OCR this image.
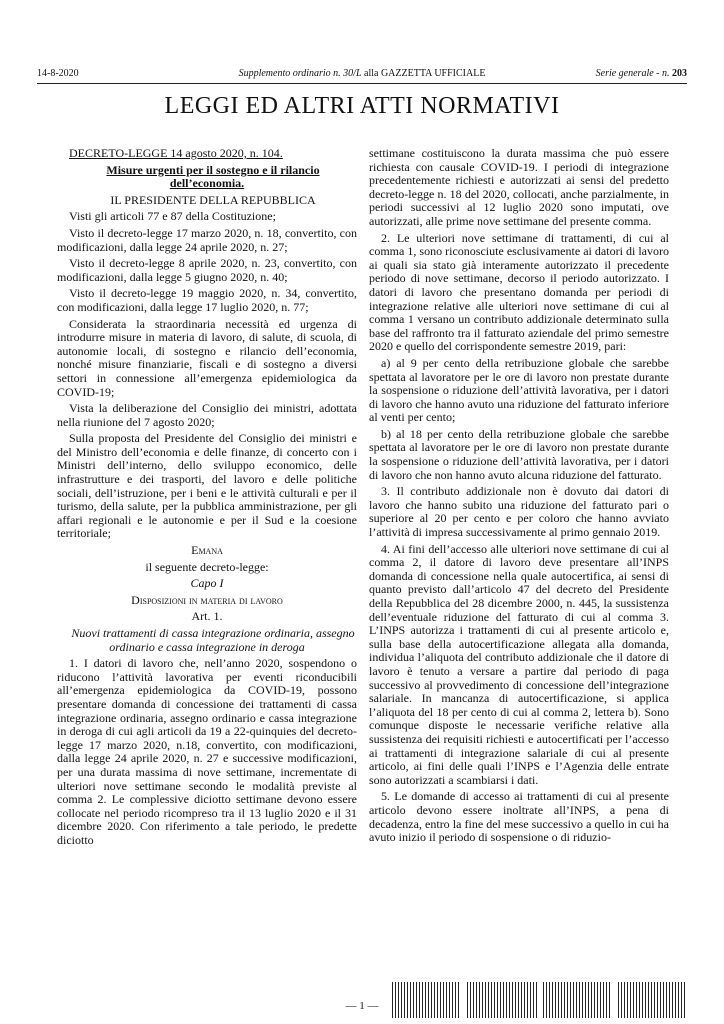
14-8-2020	Supplemento ordinario n. 30/L alla GAZZETTA UFFICIALE	Serie generale - n. 203
LEGGI ED ALTRI ATTI NORMATIVI

DECRETO-LEGGE 14 agosto 2020, n. 104.

Misure urgenti per il sostegno e il rilancio dell’economia.

IL PRESIDENTE DELLA REPUBBLICA

Visti gli articoli 77 e 87 della Costituzione;

Visto il decreto-legge 17 marzo 2020, n. 18, convertito, con modificazioni, dalla legge 24 aprile 2020, n. 27;

Visto il decreto-legge 8 aprile 2020, n. 23, convertito, con modificazioni, dalla legge 5 giugno 2020, n. 40;

Visto il decreto-legge 19 maggio 2020, n. 34, convertito, con modificazioni, dalla legge 17 luglio 2020, n. 77;

Considerata la straordinaria necessità ed urgenza di introdurre misure in materia di lavoro, di salute, di scuola, di autonomie locali, di sostegno e rilancio dell’economia, nonché misure finanziarie, fiscali e di sostegno a diversi settori in connessione all’emergenza epidemiologica da COVID-19;

Vista la deliberazione del Consiglio dei ministri, adottata nella riunione del 7 agosto 2020;

Sulla proposta del Presidente del Consiglio dei ministri e del Ministro dell’economia e delle finanze, di concerto con i Ministri dell’interno, dello sviluppo economico, delle infrastrutture e dei trasporti, del lavoro e delle politiche sociali, dell’istruzione, per i beni e le attività culturali e per il turismo, della salute, per la pubblica amministrazione, per gli affari regionali e le autonomie e per il Sud e la coesione territoriale;

Emana

il seguente decreto-legge:

Capo I

Disposizioni in materia di lavoro

Art. 1.

Nuovi trattamenti di cassa integrazione ordinaria, assegno ordinario e cassa integrazione in deroga

1. I datori di lavoro che, nell’anno 2020, sospendono o riducono l’attività lavorativa per eventi riconducibili all’emergenza epidemiologica da COVID-19, possono presentare domanda di concessione dei trattamenti di cassa integrazione ordinaria, assegno ordinario e cassa integrazione in deroga di cui agli articoli da 19 a 22-quinquies del decreto-legge 17 marzo 2020, n.18, convertito, con modificazioni, dalla legge 24 aprile 2020, n. 27 e successive modificazioni, per una durata massima di nove settimane, incrementate di ulteriori nove settimane secondo le modalità previste al comma 2. Le complessive diciotto settimane devono essere collocate nel periodo ricompreso tra il 13 luglio 2020 e il 31 dicembre 2020. Con riferimento a tale periodo, le predette diciotto

settimane costituiscono la durata massima che può essere richiesta con causale COVID-19. I periodi di integrazione precedentemente richiesti e autorizzati ai sensi del predetto decreto-legge n. 18 del 2020, collocati, anche parzialmente, in periodi successivi al 12 luglio 2020 sono imputati, ove autorizzati, alle prime nove settimane del presente comma.

2. Le ulteriori nove settimane di trattamenti, di cui al comma 1, sono riconosciute esclusivamente ai datori di lavoro ai quali sia stato già interamente autorizzato il precedente periodo di nove settimane, decorso il periodo autorizzato. I datori di lavoro che presentano domanda per periodi di integrazione relative alle ulteriori nove settimane di cui al comma 1 versano un contributo addizionale determinato sulla base del raffronto tra il fatturato aziendale del primo semestre 2020 e quello del corrispondente semestre 2019, pari:

a) al 9 per cento della retribuzione globale che sarebbe spettata al lavoratore per le ore di lavoro non prestate durante la sospensione o riduzione dell’attività lavorativa, per i datori di lavoro che hanno avuto una riduzione del fatturato inferiore al venti per cento;

b) al 18 per cento della retribuzione globale che sarebbe spettata al lavoratore per le ore di lavoro non prestate durante la sospensione o riduzione dell’attività lavorativa, per i datori di lavoro che non hanno avuto alcuna riduzione del fatturato.

3. Il contributo addizionale non è dovuto dai datori di lavoro che hanno subito una riduzione del fatturato pari o superiore al 20 per cento e per coloro che hanno avviato l’attività di impresa successivamente al primo gennaio 2019.

4. Ai fini dell’accesso alle ulteriori nove settimane di cui al comma 2, il datore di lavoro deve presentare all’INPS domanda di concessione nella quale autocertifica, ai sensi di quanto previsto dall’articolo 47 del decreto del Presidente della Repubblica del 28 dicembre 2000, n. 445, la sussistenza dell’eventuale riduzione del fatturato di cui al comma 3. L’INPS autorizza i trattamenti di cui al presente articolo e, sulla base della autocertificazione allegata alla domanda, individua l’aliquota del contributo addizionale che il datore di lavoro è tenuto a versare a partire dal periodo di paga successivo al provvedimento di concessione dell’integrazione salariale. In mancanza di autocertificazione, si applica l’aliquota del 18 per cento di cui al comma 2, lettera b). Sono comunque disposte le necessarie verifiche relative alla sussistenza dei requisiti richiesti e autocertificati per l’accesso ai trattamenti di integrazione salariale di cui al presente articolo, ai fini delle quali l’INPS e l’Agenzia delle entrate sono autorizzati a scambiarsi i dati.

5. Le domande di accesso ai trattamenti di cui al presente articolo devono essere inoltrate all’INPS, a pena di decadenza, entro la fine del mese successivo a quello in cui ha avuto inizio il periodo di sospensione o di riduzio-

— 1 —
